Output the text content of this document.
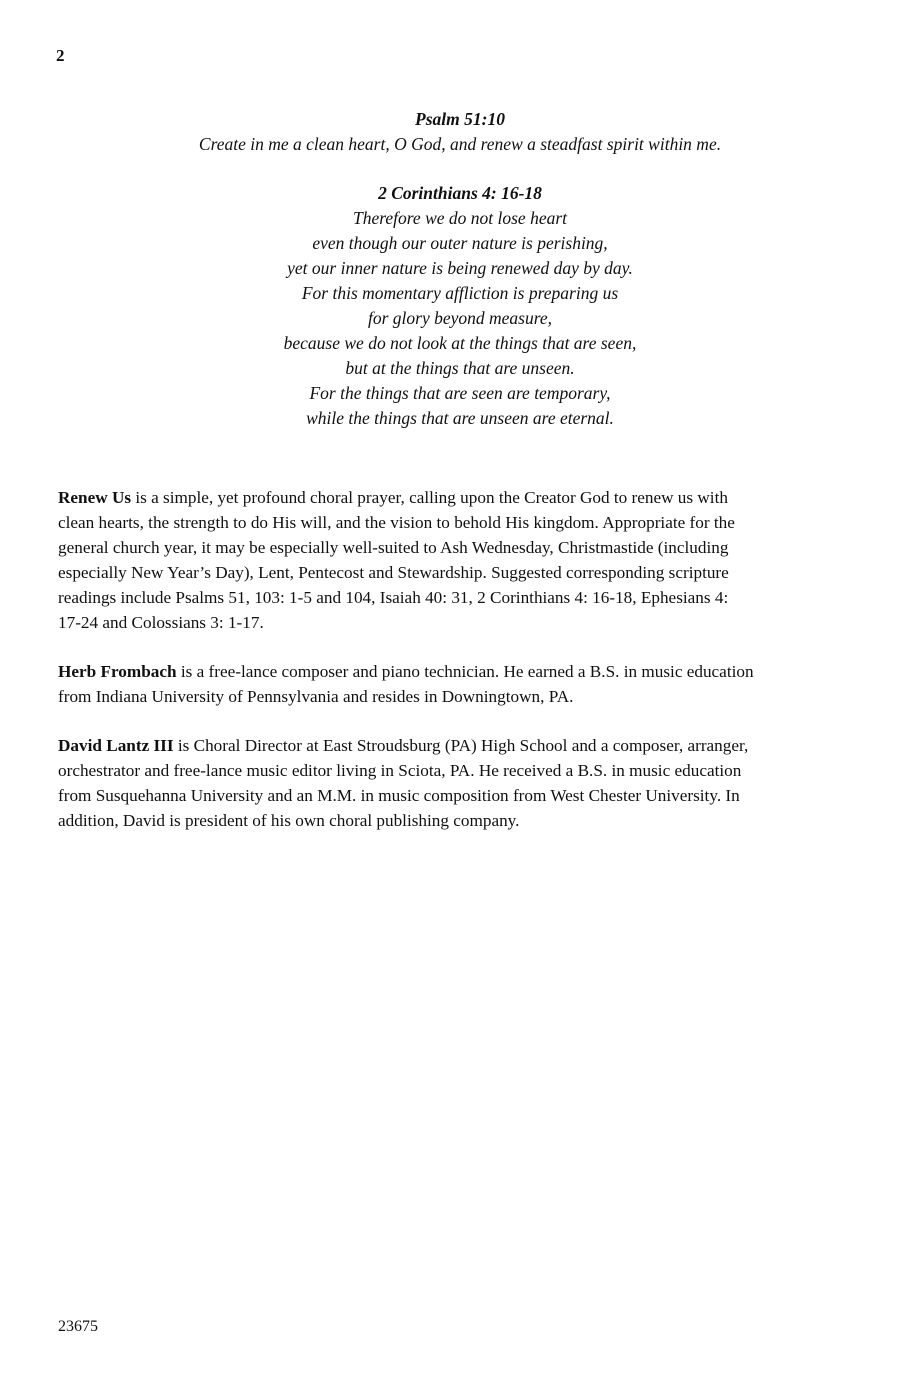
2
Psalm 51:10
Create in me a clean heart, O God, and renew a steadfast spirit within me.
2 Corinthians 4: 16-18
Therefore we do not lose heart
even though our outer nature is perishing,
yet our inner nature is being renewed day by day.
For this momentary affliction is preparing us
for glory beyond measure,
because we do not look at the things that are seen,
but at the things that are unseen.
For the things that are seen are temporary,
while the things that are unseen are eternal.
Renew Us is a simple, yet profound choral prayer, calling upon the Creator God to renew us with
clean hearts, the strength to do His will, and the vision to behold His kingdom. Appropriate for the
general church year, it may be especially well-suited to Ash Wednesday, Christmastide (including
especially New Year’s Day), Lent, Pentecost and Stewardship. Suggested corresponding scripture
readings include Psalms 51, 103: 1-5 and 104, Isaiah 40: 31, 2 Corinthians 4: 16-18, Ephesians 4:
17-24 and Colossians 3: 1-17.
Herb Frombach is a free-lance composer and piano technician. He earned a B.S. in music education
from Indiana University of Pennsylvania and resides in Downingtown, PA.
David Lantz III is Choral Director at East Stroudsburg (PA) High School and a composer, arranger,
orchestrator and free-lance music editor living in Sciota, PA. He received a B.S. in music education
from Susquehanna University and an M.M. in music composition from West Chester University. In
addition, David is president of his own choral publishing company.
23675
